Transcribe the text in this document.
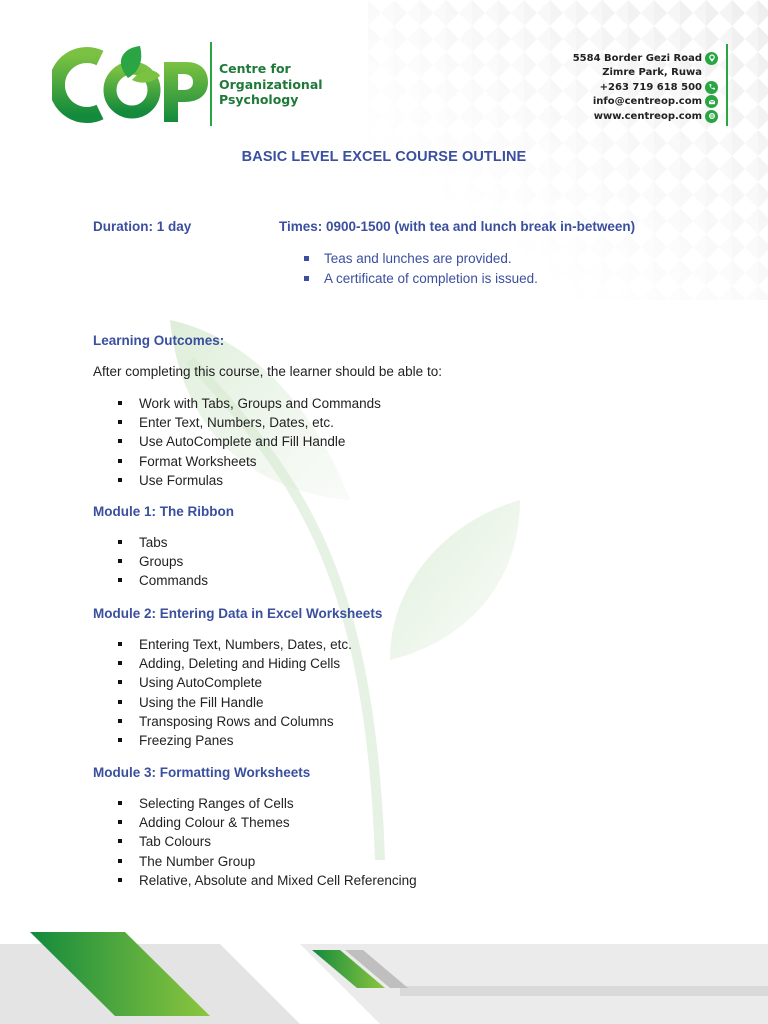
Centre for
Organizational
Psychology
5584 Border Gezi Road
Zimre Park, Ruwa
+263 719 618 500
info@centreop.com
www.centreop.com
BASIC LEVEL EXCEL COURSE OUTLINE
Duration: 1 day	Times: 0900-1500 (with tea and lunch break in-between)
Teas and lunches are provided.
A certificate of completion is issued.
Learning Outcomes:
After completing this course, the learner should be able to:
Work with Tabs, Groups and Commands
Enter Text, Numbers, Dates, etc.
Use AutoComplete and Fill Handle
Format Worksheets
Use Formulas
Module 1: The Ribbon
Tabs
Groups
Commands
Module 2: Entering Data in Excel Worksheets
Entering Text, Numbers, Dates, etc.
Adding, Deleting and Hiding Cells
Using AutoComplete
Using the Fill Handle
Transposing Rows and Columns
Freezing Panes
Module 3: Formatting Worksheets
Selecting Ranges of Cells
Adding Colour & Themes
Tab Colours
The Number Group
Relative, Absolute and Mixed Cell Referencing
